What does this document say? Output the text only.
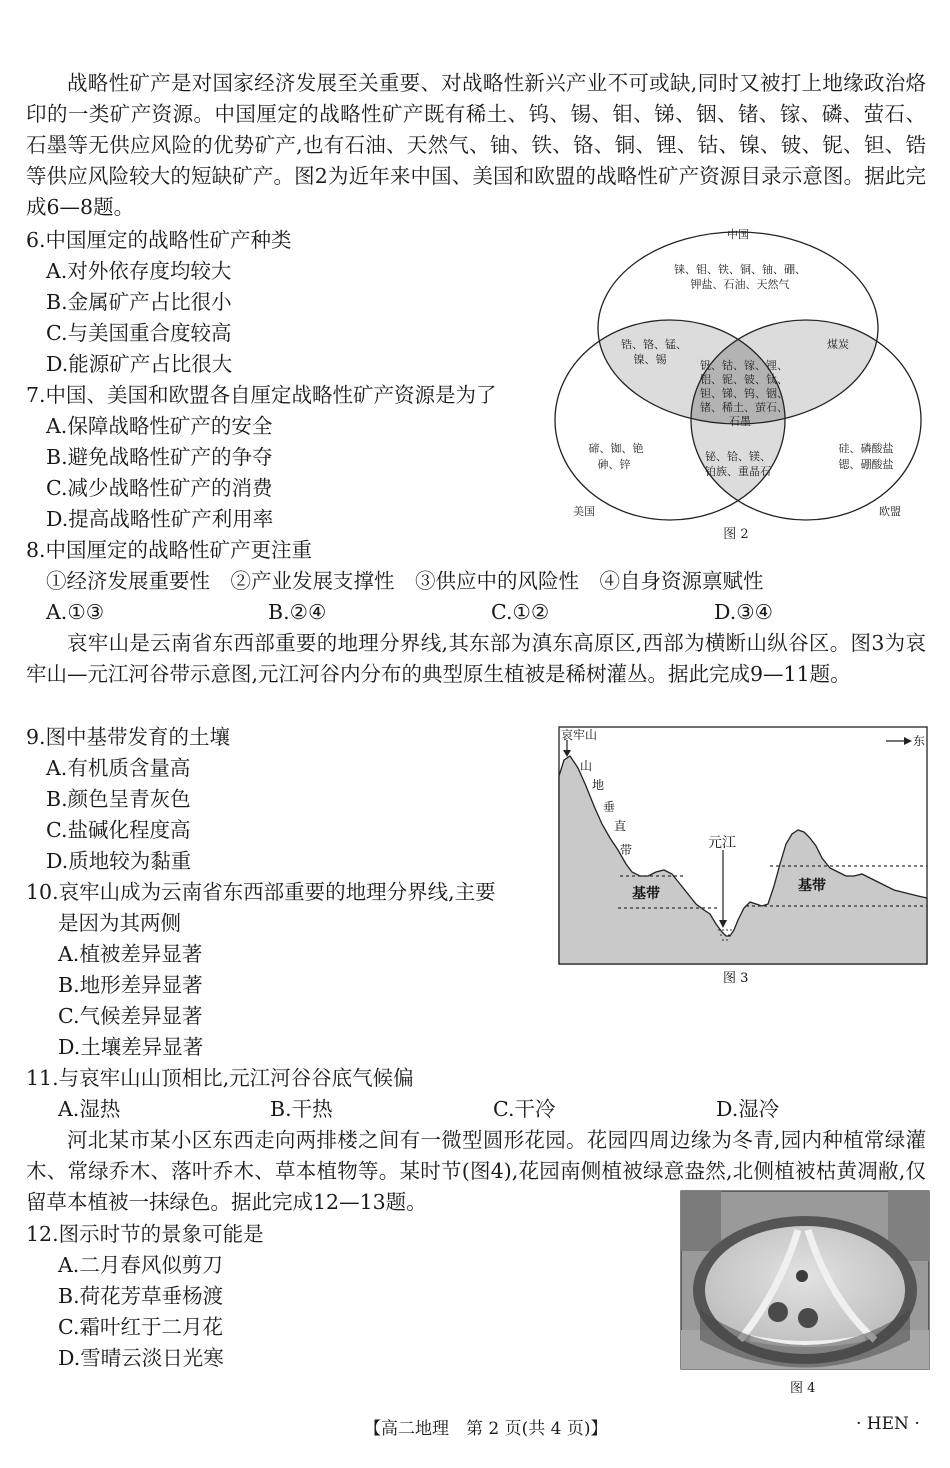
战略性矿产是对国家经济发展至关重要、对战略性新兴产业不可或缺,同时又被打上地缘政治烙印的一类矿产资源。中国厘定的战略性矿产既有稀土、钨、锡、钼、锑、铟、锗、镓、磷、萤石、石墨等无供应风险的优势矿产,也有石油、天然气、铀、铁、铬、铜、锂、钴、镍、铍、铌、钽、锆等供应风险较大的短缺矿产。图2为近年来中国、美国和欧盟的战略性矿产资源目录示意图。据此完成6—8题。
6.中国厘定的战略性矿产种类
A.对外依存度均较大
B.金属矿产占比很小
C.与美国重合度较高
D.能源矿产占比很大
7.中国、美国和欧盟各自厘定战略性矿产资源是为了
A.保障战略性矿产的安全
B.避免战略性矿产的争夺
C.减少战略性矿产的消费
D.提高战略性矿产利用率
8.中国厘定的战略性矿产更注重
①经济发展重要性　②产业发展支撑性　③供应中的风险性　④自身资源禀赋性
A.①③	B.②④	C.①②	D.③④
中国
铼、钼、铁、铜、铀、硼、
钾盐、石油、天然气
锆、铬、锰、
镍、锡
煤炭
钒、钴、镓、锂、
铝、铌、铍、钛、
钽、锑、钨、铟、
锗、稀土、萤石、
石墨
铋、铪、镁、
铂族、重晶石
碲、铷、铯
砷、锌
硅、磷酸盐
锶、硼酸盐
美国	欧盟
图 2
哀牢山是云南省东西部重要的地理分界线,其东部为滇东高原区,西部为横断山纵谷区。图3为哀牢山—元江河谷带示意图,元江河谷内分布的典型原生植被是稀树灌丛。据此完成9—11题。
9.图中基带发育的土壤
A.有机质含量高
B.颜色呈青灰色
C.盐碱化程度高
D.质地较为黏重
10.哀牢山成为云南省东西部重要的地理分界线,主要
是因为其两侧
A.植被差异显著
B.地形差异显著
C.气候差异显著
D.土壤差异显著
11.与哀牢山山顶相比,元江河谷谷底气候偏
A.湿热	B.干热	C.干冷	D.湿冷
哀牢山	东
山
地
垂
直
带	元江
基带	基带
图 3
河北某市某小区东西走向两排楼之间有一微型圆形花园。花园四周边缘为冬青,园内种植常绿灌木、常绿乔木、落叶乔木、草本植物等。某时节(图4),花园南侧植被绿意盎然,北侧植被枯黄凋敝,仅留草本植被一抹绿色。据此完成12—13题。
12.图示时节的景象可能是
A.二月春风似剪刀
B.荷花芳草垂杨渡
C.霜叶红于二月花
D.雪晴云淡日光寒
图 4
【高二地理　第 2 页(共 4 页)】	· HEN ·
